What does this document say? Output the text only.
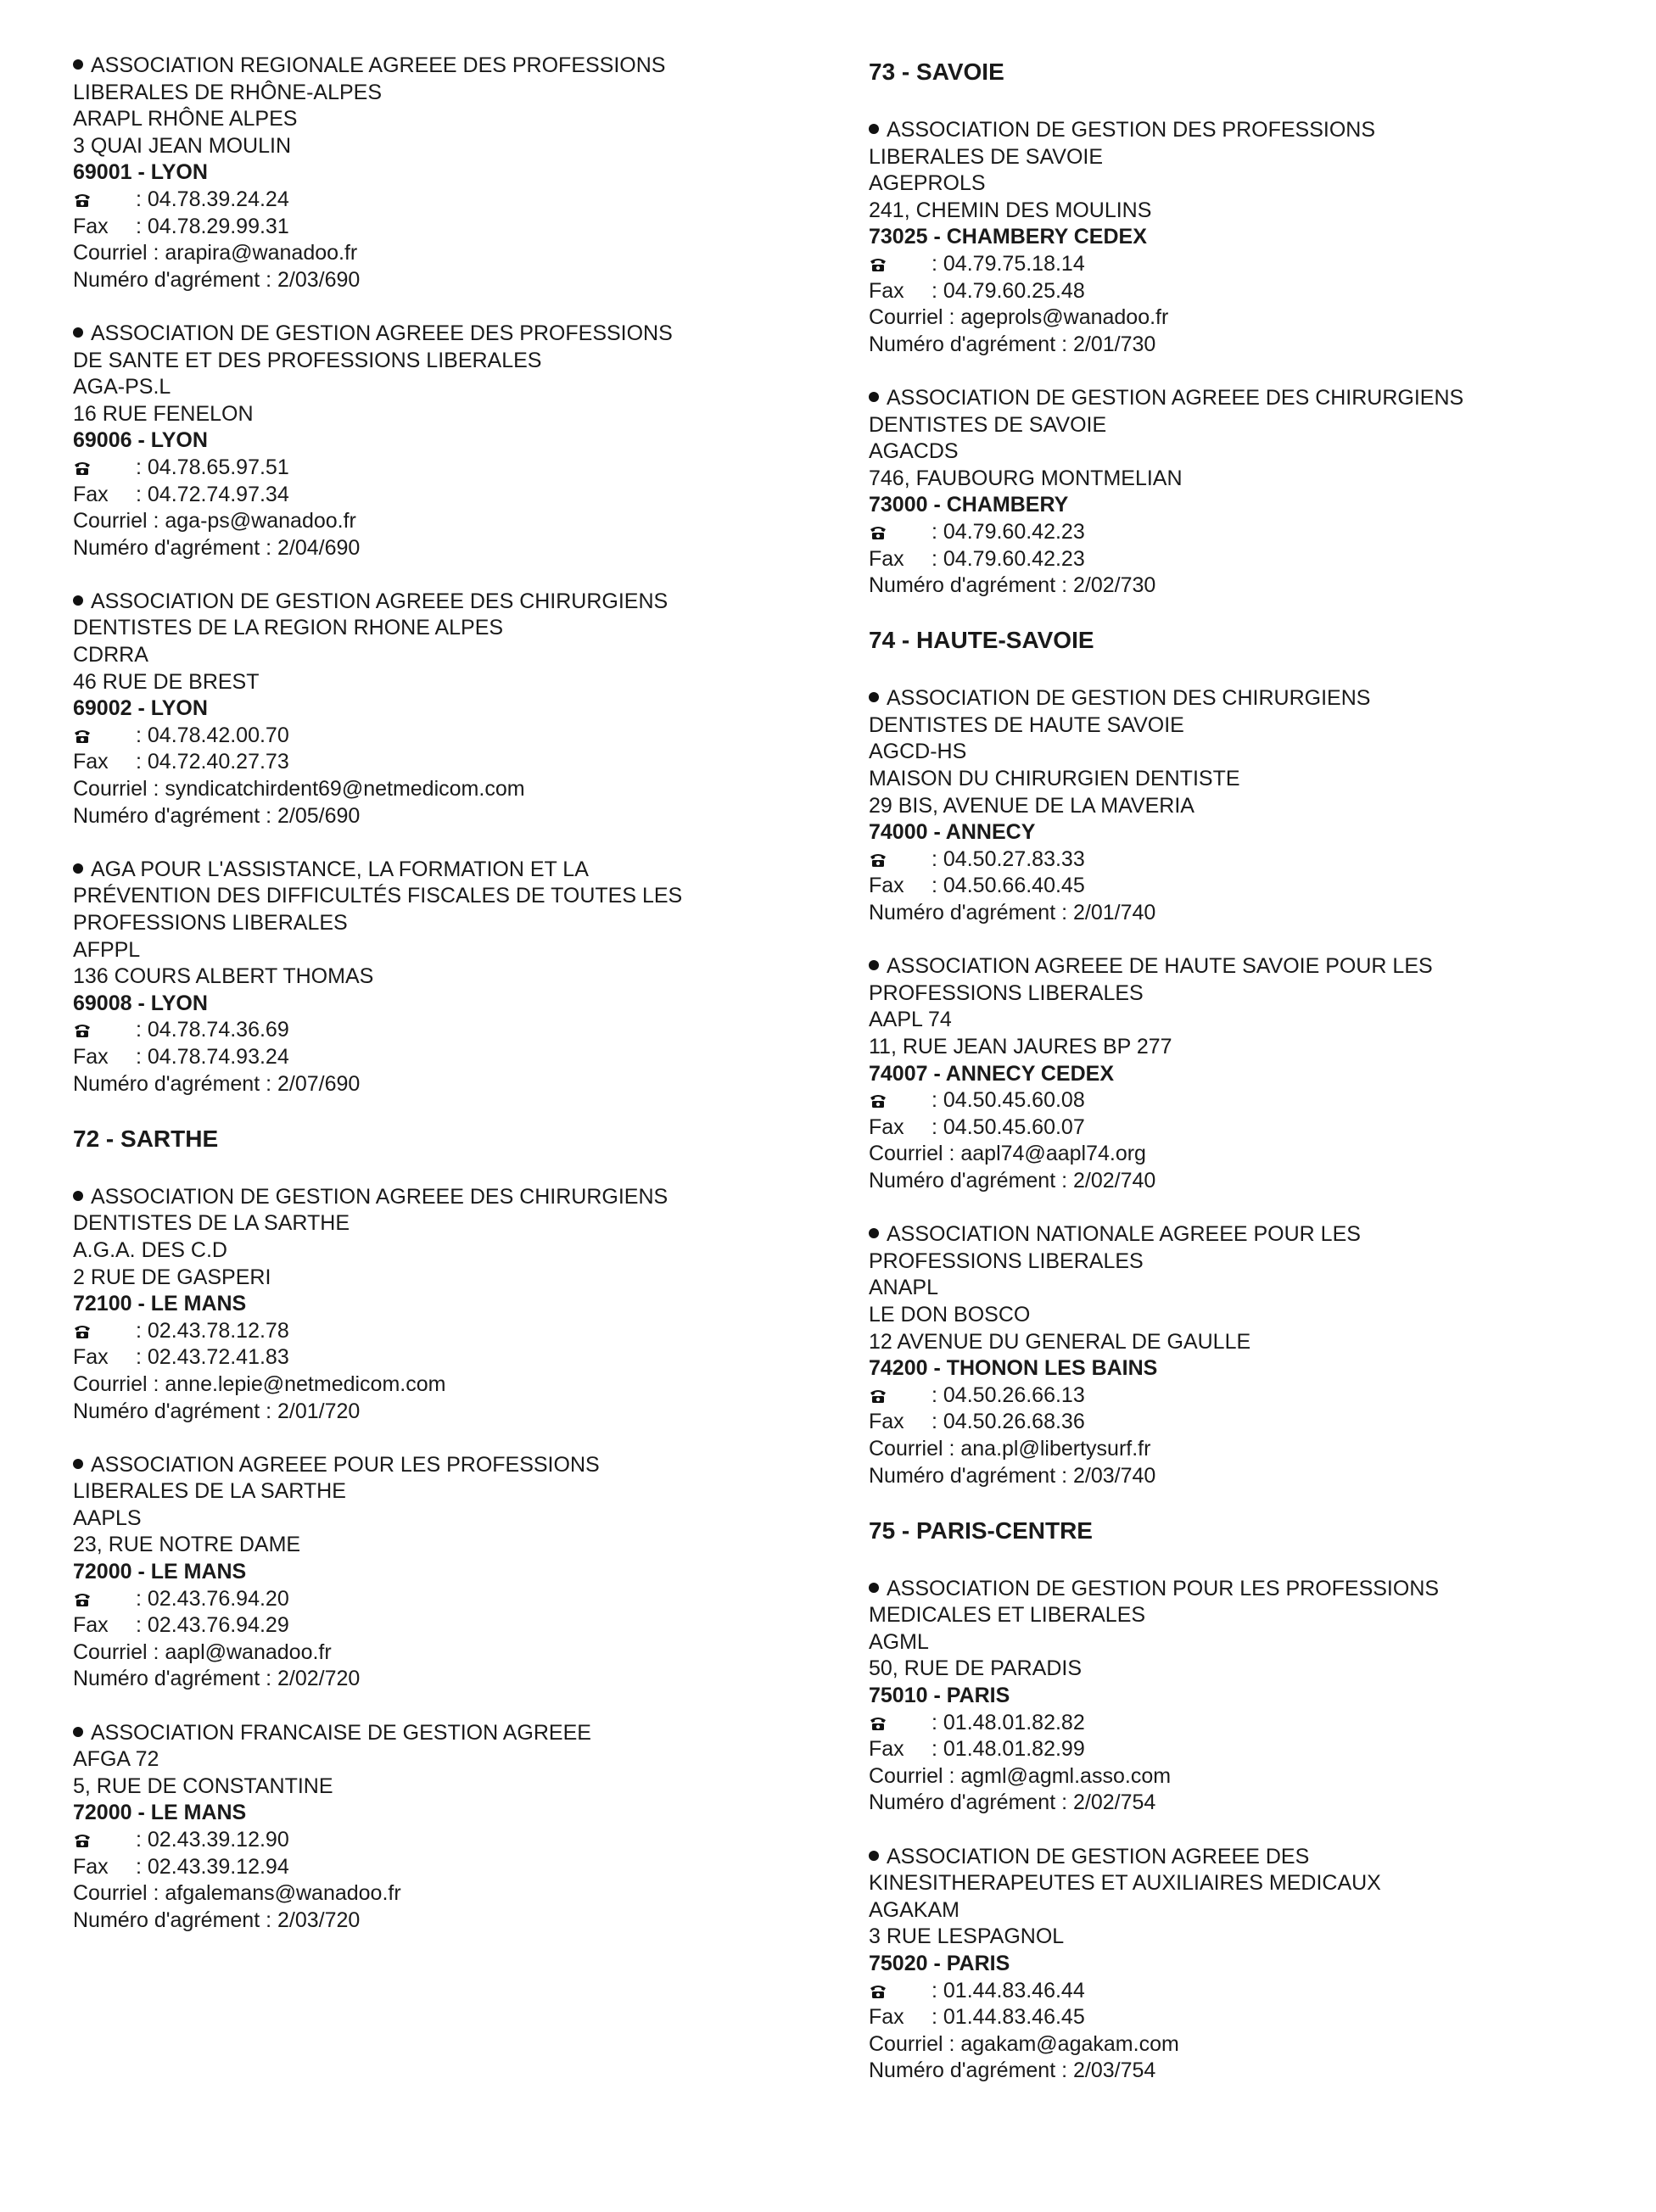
ASSOCIATION REGIONALE AGREEE DES PROFESSIONS
LIBERALES DE RHÔNE-ALPES
ARAPL RHÔNE ALPES
3 QUAI JEAN MOULIN
69001 - LYON
: 04.78.39.24.24
Fax : 04.78.29.99.31
Courriel : arapira@wanadoo.fr
Numéro d'agrément : 2/03/690
ASSOCIATION DE GESTION AGREEE DES PROFESSIONS
DE SANTE ET DES PROFESSIONS LIBERALES
AGA-PS.L
16 RUE FENELON
69006 - LYON
: 04.78.65.97.51
Fax : 04.72.74.97.34
Courriel : aga-ps@wanadoo.fr
Numéro d'agrément : 2/04/690
ASSOCIATION DE GESTION AGREEE DES CHIRURGIENS
DENTISTES DE LA REGION RHONE ALPES
CDRRA
46 RUE DE BREST
69002 - LYON
: 04.78.42.00.70
Fax : 04.72.40.27.73
Courriel : syndicatchirdent69@netmedicom.com
Numéro d'agrément : 2/05/690
AGA POUR L'ASSISTANCE, LA FORMATION ET LA
PRÉVENTION DES DIFFICULTÉS FISCALES DE TOUTES LES
PROFESSIONS LIBERALES
AFPPL
136 COURS ALBERT THOMAS
69008 - LYON
: 04.78.74.36.69
Fax : 04.78.74.93.24
Numéro d'agrément : 2/07/690
72 - SARTHE
ASSOCIATION DE GESTION AGREEE DES CHIRURGIENS
DENTISTES DE LA SARTHE
A.G.A. DES C.D
2 RUE DE GASPERI
72100 - LE MANS
: 02.43.78.12.78
Fax : 02.43.72.41.83
Courriel : anne.lepie@netmedicom.com
Numéro d'agrément : 2/01/720
ASSOCIATION AGREEE POUR LES PROFESSIONS
LIBERALES DE LA SARTHE
AAPLS
23, RUE NOTRE DAME
72000 - LE MANS
: 02.43.76.94.20
Fax : 02.43.76.94.29
Courriel : aapl@wanadoo.fr
Numéro d'agrément : 2/02/720
ASSOCIATION FRANCAISE DE GESTION AGREEE
AFGA 72
5, RUE DE CONSTANTINE
72000 - LE MANS
: 02.43.39.12.90
Fax : 02.43.39.12.94
Courriel : afgalemans@wanadoo.fr
Numéro d'agrément : 2/03/720
73 - SAVOIE
ASSOCIATION DE GESTION DES PROFESSIONS
LIBERALES DE SAVOIE
AGEPROLS
241, CHEMIN DES MOULINS
73025 - CHAMBERY CEDEX
: 04.79.75.18.14
Fax : 04.79.60.25.48
Courriel : ageprols@wanadoo.fr
Numéro d'agrément : 2/01/730
ASSOCIATION DE GESTION AGREEE DES CHIRURGIENS
DENTISTES DE SAVOIE
AGACDS
746, FAUBOURG MONTMELIAN
73000 - CHAMBERY
: 04.79.60.42.23
Fax : 04.79.60.42.23
Numéro d'agrément : 2/02/730
74 - HAUTE-SAVOIE
ASSOCIATION DE GESTION DES CHIRURGIENS
DENTISTES DE HAUTE SAVOIE
AGCD-HS
MAISON DU CHIRURGIEN DENTISTE
29 BIS, AVENUE DE LA MAVERIA
74000 - ANNECY
: 04.50.27.83.33
Fax : 04.50.66.40.45
Numéro d'agrément : 2/01/740
ASSOCIATION AGREEE DE HAUTE SAVOIE POUR LES
PROFESSIONS LIBERALES
AAPL 74
11, RUE JEAN JAURES BP 277
74007 - ANNECY CEDEX
: 04.50.45.60.08
Fax : 04.50.45.60.07
Courriel : aapl74@aapl74.org
Numéro d'agrément : 2/02/740
ASSOCIATION NATIONALE AGREEE POUR LES
PROFESSIONS LIBERALES
ANAPL
LE DON BOSCO
12 AVENUE DU GENERAL DE GAULLE
74200 - THONON LES BAINS
: 04.50.26.66.13
Fax : 04.50.26.68.36
Courriel : ana.pl@libertysurf.fr
Numéro d'agrément : 2/03/740
75 - PARIS-CENTRE
ASSOCIATION DE GESTION POUR LES PROFESSIONS
MEDICALES ET LIBERALES
AGML
50, RUE DE PARADIS
75010 - PARIS
: 01.48.01.82.82
Fax : 01.48.01.82.99
Courriel : agml@agml.asso.com
Numéro d'agrément : 2/02/754
ASSOCIATION DE GESTION AGREEE DES
KINESITHERAPEUTES ET AUXILIAIRES MEDICAUX
AGAKAM
3 RUE LESPAGNOL
75020 - PARIS
: 01.44.83.46.44
Fax : 01.44.83.46.45
Courriel : agakam@agakam.com
Numéro d'agrément : 2/03/754
